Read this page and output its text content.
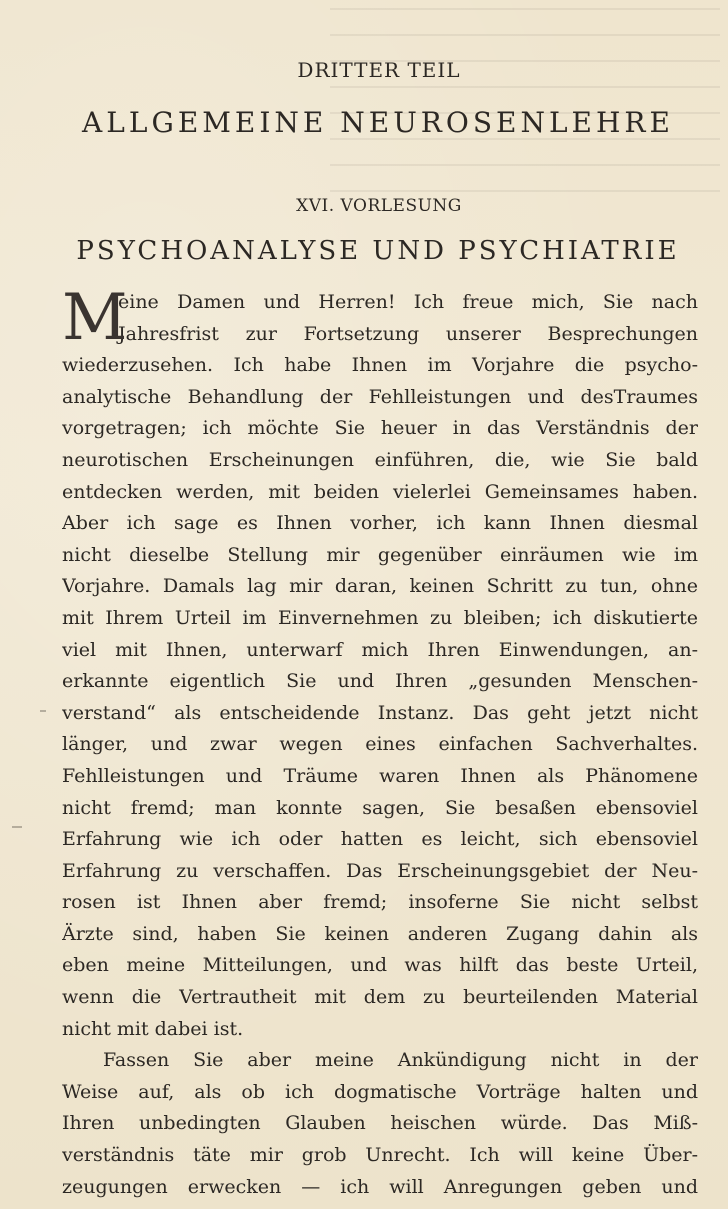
DRITTER TEIL
ALLGEMEINE NEUROSENLEHRE
XVI. VORLESUNG
PSYCHOANALYSE UND PSYCHIATRIE
M
eine Damen und Herren! Ich freue mich, Sie nach
Jahresfrist zur Fortsetzung unserer Besprechungen
wiederzusehen. Ich habe Ihnen im Vorjahre die psycho-
analytische Behandlung der Fehlleistungen und desTraumes
vorgetragen; ich möchte Sie heuer in das Verständnis der
neurotischen Erscheinungen einführen, die, wie Sie bald
entdecken werden, mit beiden vielerlei Gemeinsames haben.
Aber ich sage es Ihnen vorher, ich kann Ihnen diesmal
nicht dieselbe Stellung mir gegenüber einräumen wie im
Vorjahre. Damals lag mir daran, keinen Schritt zu tun, ohne
mit Ihrem Urteil im Einvernehmen zu bleiben; ich diskutierte
viel mit Ihnen, unterwarf mich Ihren Einwendungen, an-
erkannte eigentlich Sie und Ihren „gesunden Menschen-
verstand“ als entscheidende Instanz. Das geht jetzt nicht
länger, und zwar wegen eines einfachen Sachverhaltes.
Fehlleistungen und Träume waren Ihnen als Phänomene
nicht fremd; man konnte sagen, Sie besaßen ebensoviel
Erfahrung wie ich oder hatten es leicht, sich ebensoviel
Erfahrung zu verschaffen. Das Erscheinungsgebiet der Neu-
rosen ist Ihnen aber fremd; insoferne Sie nicht selbst
Ärzte sind, haben Sie keinen anderen Zugang dahin als
eben meine Mitteilungen, und was hilft das beste Urteil,
wenn die Vertrautheit mit dem zu beurteilenden Material
nicht mit dabei ist.
Fassen Sie aber meine Ankündigung nicht in der
Weise auf, als ob ich dogmatische Vorträge halten und
Ihren unbedingten Glauben heischen würde. Das Miß-
verständnis täte mir grob Unrecht. Ich will keine Über-
zeugungen erwecken — ich will Anregungen geben und
